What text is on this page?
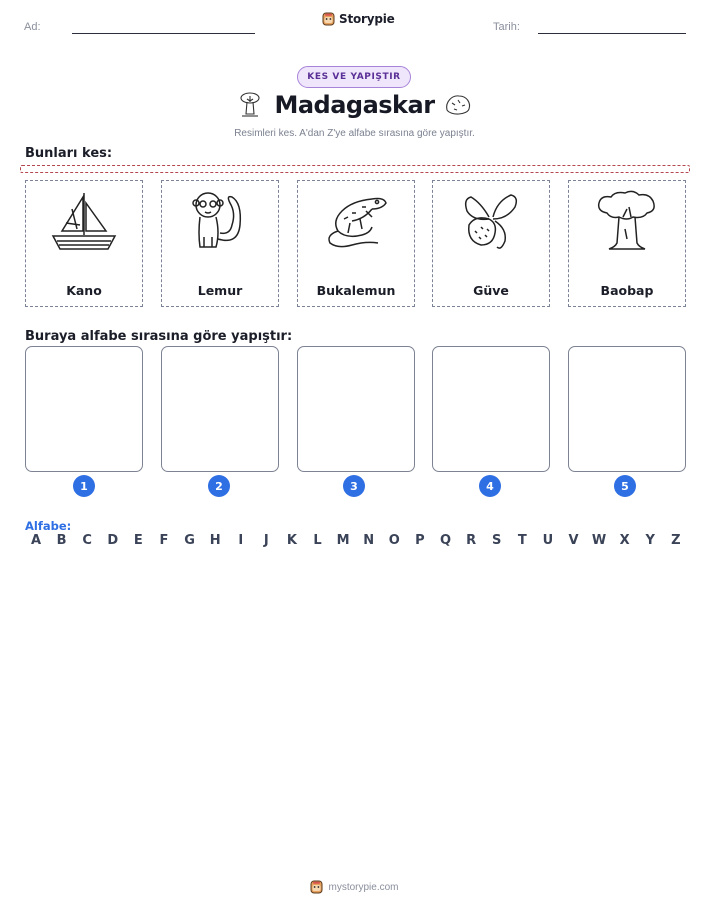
Ad:
Storypie
Tarih:
KES VE YAPIŞTIR
Madagaskar
Resimleri kes. A'dan Z'ye alfabe sırasına göre yapıştır.
Bunları kes:
Kano	Lemur	Bukalemun	Güve	Baobap
Buraya alfabe sırasına göre yapıştır:
1	2	3	4	5
Alfabe:
A	B	C	D	E	F	G	H	I	J	K	L	M	N	O	P	Q	R	S	T	U	V	W	X	Y	Z
mystorypie.com
